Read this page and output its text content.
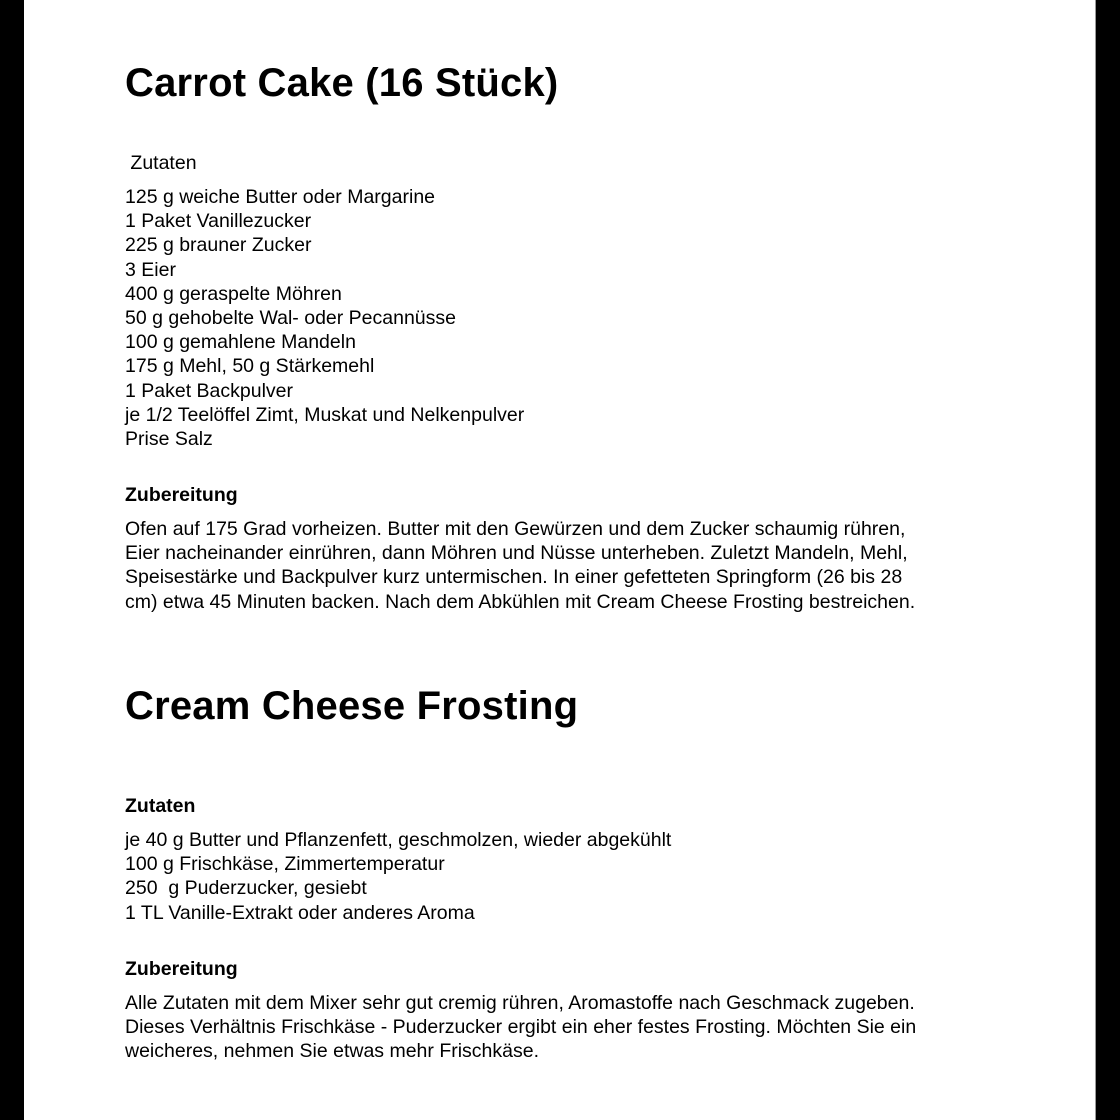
Carrot Cake (16 Stück)
Zutaten
125 g weiche Butter oder Margarine
1 Paket Vanillezucker
225 g brauner Zucker
3 Eier
400 g geraspelte Möhren
50 g gehobelte Wal- oder Pecannüsse
100 g gemahlene Mandeln
175 g Mehl, 50 g Stärkemehl
1 Paket Backpulver
je 1/2 Teelöffel Zimt, Muskat und Nelkenpulver
Prise Salz
Zubereitung

Ofen auf 175 Grad vorheizen. Butter mit den Gewürzen und dem Zucker schaumig rühren,
Eier nacheinander einrühren, dann Möhren und Nüsse unterheben. Zuletzt Mandeln, Mehl,
Speisestärke und Backpulver kurz untermischen. In einer gefetteten Springform (26 bis 28
cm) etwa 45 Minuten backen. Nach dem Abkühlen mit Cream Cheese Frosting bestreichen.

Cream Cheese Frosting
Zutaten
je 40 g Butter und Pflanzenfett, geschmolzen, wieder abgekühlt
100 g Frischkäse, Zimmertemperatur
250  g Puderzucker, gesiebt
1 TL Vanille-Extrakt oder anderes Aroma
Zubereitung

Alle Zutaten mit dem Mixer sehr gut cremig rühren, Aromastoffe nach Geschmack zugeben.
Dieses Verhältnis Frischkäse - Puderzucker ergibt ein eher festes Frosting. Möchten Sie ein
weicheres, nehmen Sie etwas mehr Frischkäse.
